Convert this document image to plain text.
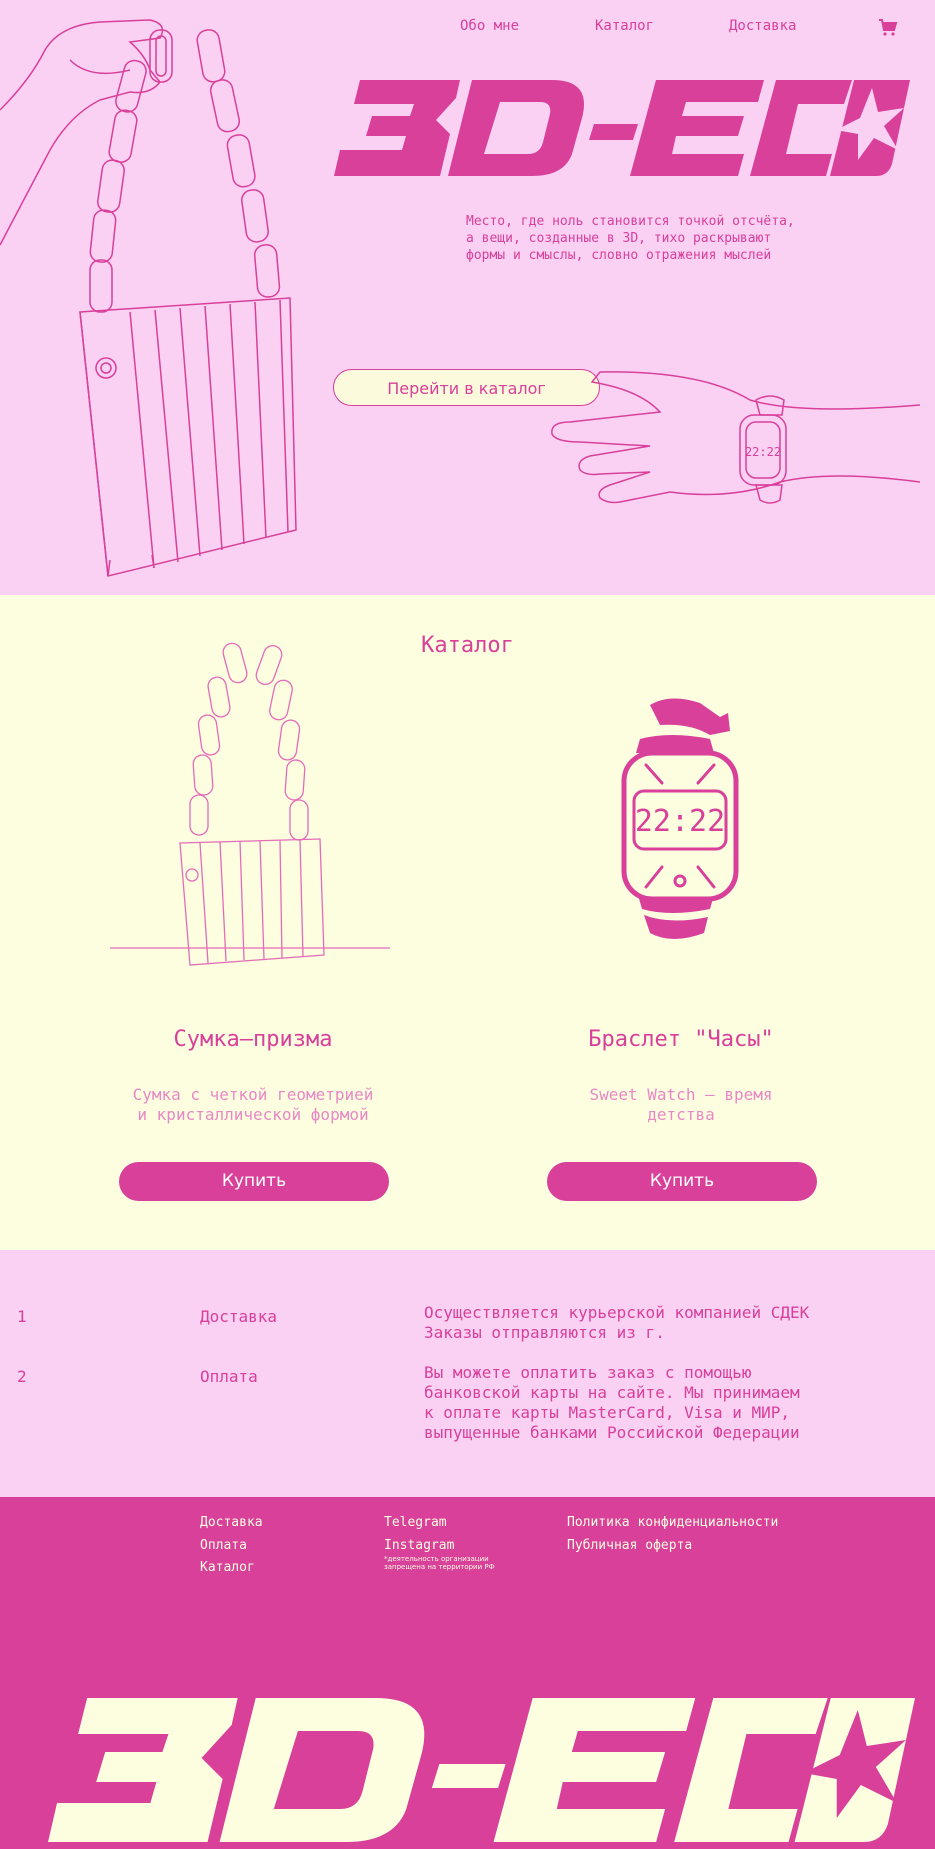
Обо мне	Каталог	Доставка
Место, где ноль становится точкой отсчёта,
а вещи, созданные в 3D, тихо раскрывают
формы и смыслы, словно отражения мыслей
Перейти в каталог
22:22
Каталог
22:22
Сумка—призма
Сумка с четкой геометрией
и кристаллической формой
Купить
Браслет "Часы"
Sweet Watch — время
детства
Купить
1	Доставка	Осуществляется курьерской компанией СДЕК
Заказы отправляются из г.
2	Оплата	Вы можете оплатить заказ с помощью
банковской карты на сайте. Мы принимаем
к оплате карты MasterCard, Visa и МИР,
выпущенные банками Российской Федерации
Доставка
Оплата
Каталог
Telegram
Instagram
*деятельность организации
запрещена на территории РФ
Политика конфиденциальности
Публичная оферта
